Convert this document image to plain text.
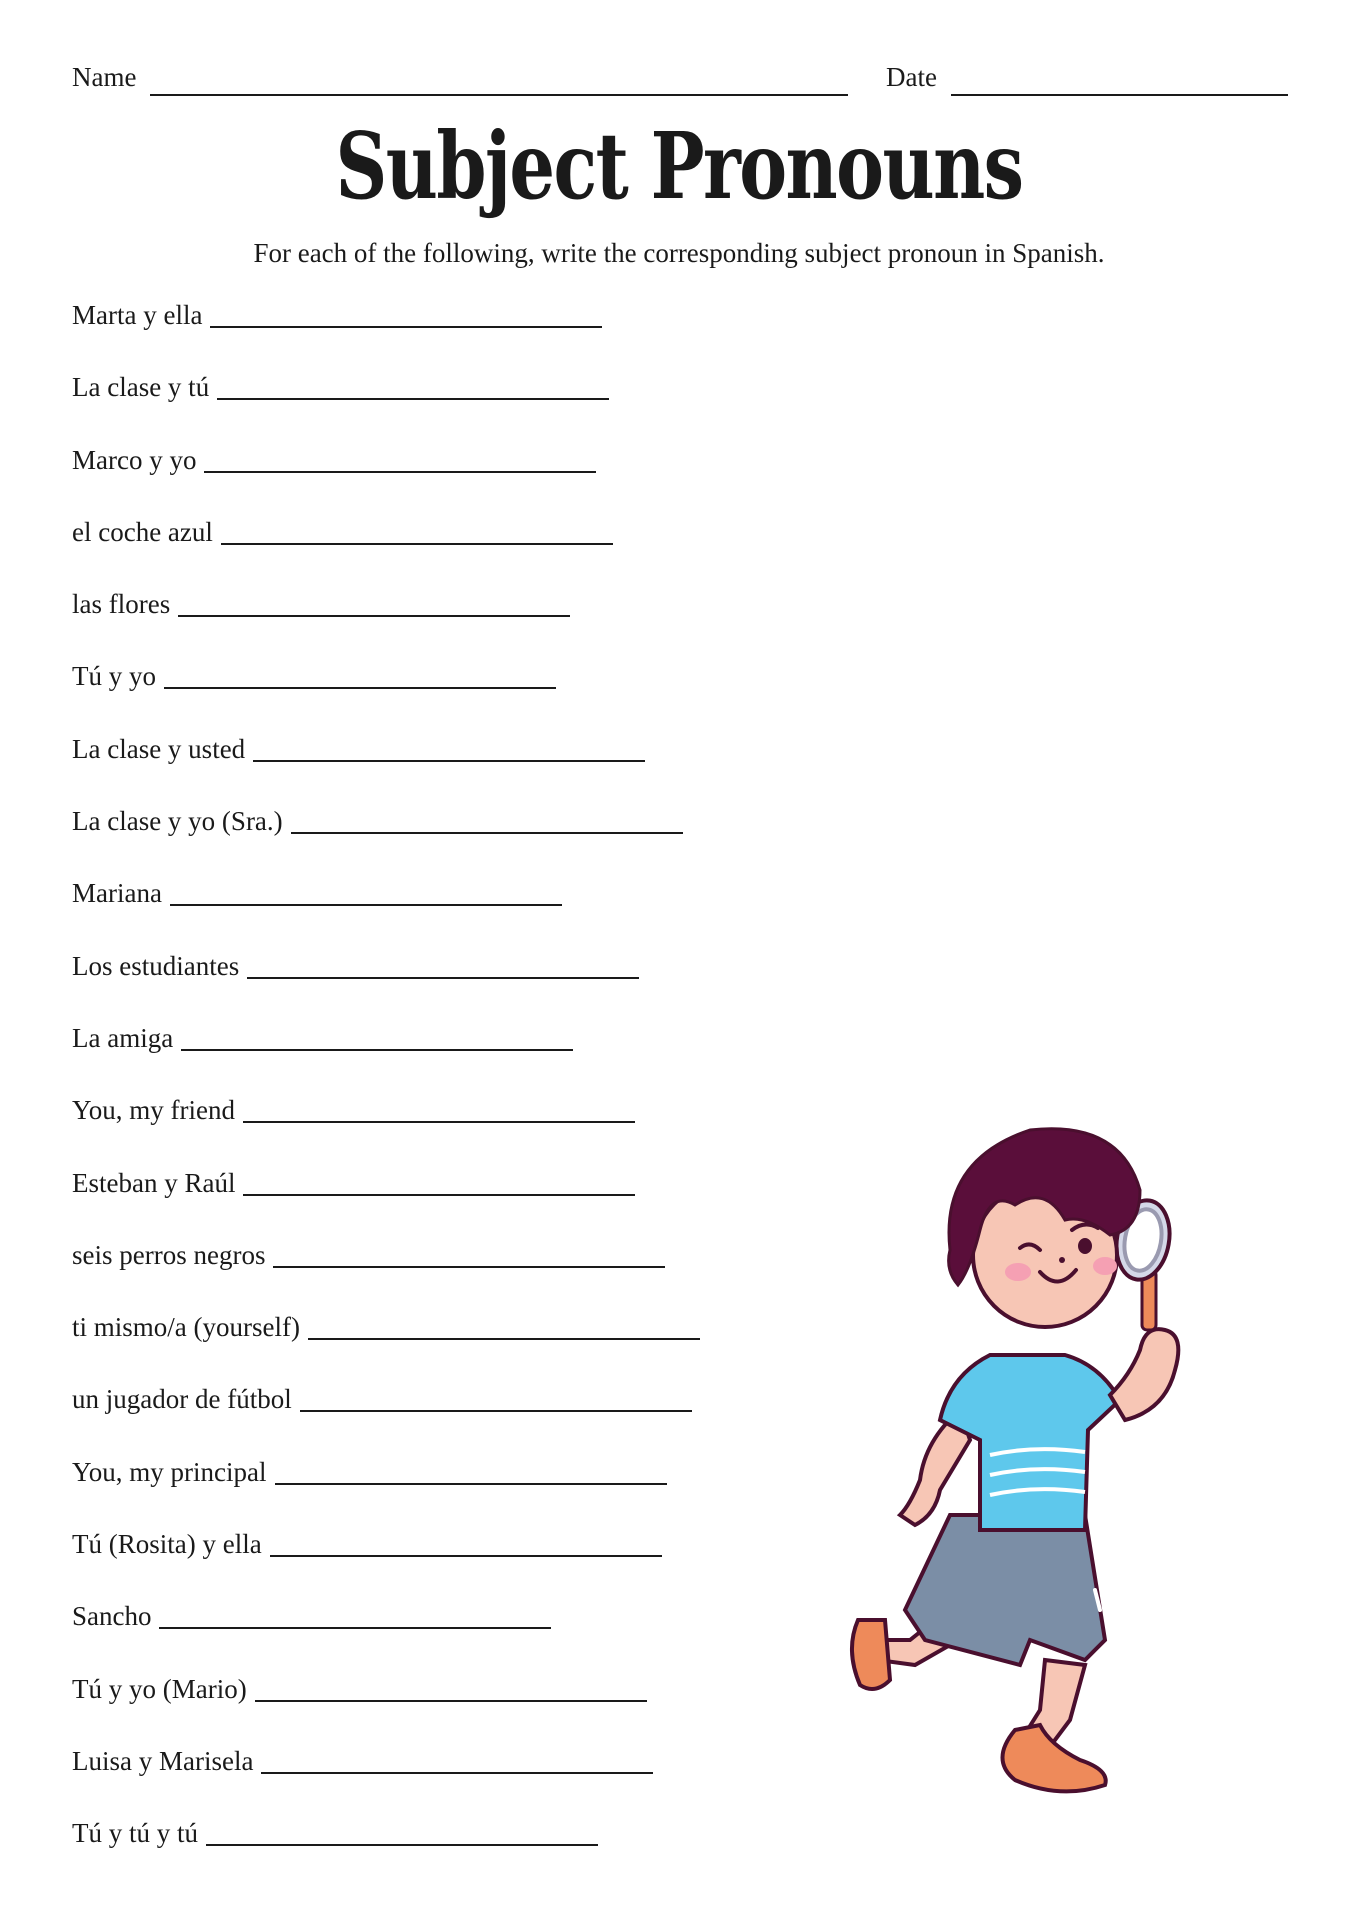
Name	Date
Subject Pronouns
For each of the following, write the corresponding subject pronoun in Spanish.
Marta y ella
La clase y tú
Marco y yo
el coche azul
las flores
Tú y yo
La clase y usted
La clase y yo (Sra.)
Mariana
Los estudiantes
La amiga
You, my friend
Esteban y Raúl
seis perros negros
ti mismo/a (yourself)
un jugador de fútbol
You, my principal
Tú (Rosita) y ella
Sancho
Tú y yo (Mario)
Luisa y Marisela
Tú y tú y tú
